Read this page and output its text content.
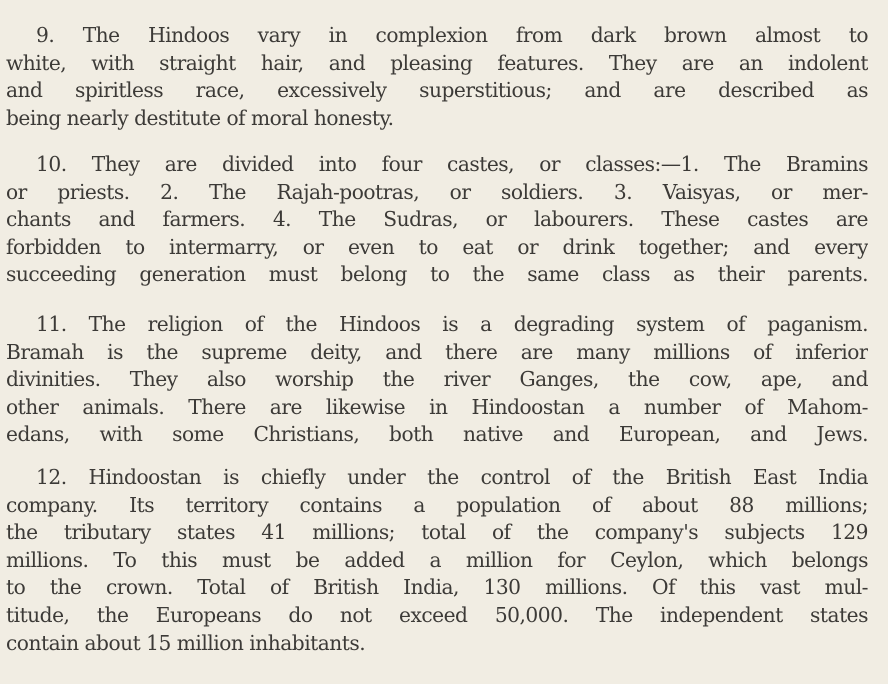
9. The Hindoos vary in complexion from dark brown almost to
white, with straight hair, and pleasing features. They are an indolent
and spiritless race, excessively superstitious; and are described as
being nearly destitute of moral honesty.
10. They are divided into four castes, or classes:—1. The Bramins
or priests. 2. The Rajah-pootras, or soldiers. 3. Vaisyas, or mer-
chants and farmers. 4. The Sudras, or labourers. These castes are
forbidden to intermarry, or even to eat or drink together; and every
succeeding generation must belong to the same class as their parents.
11. The religion of the Hindoos is a degrading system of paganism.
Bramah is the supreme deity, and there are many millions of inferior
divinities. They also worship the river Ganges, the cow, ape, and
other animals. There are likewise in Hindoostan a number of Mahom-
edans, with some Christians, both native and European, and Jews.
12. Hindoostan is chiefly under the control of the British East India
company. Its territory contains a population of about 88 millions;
the tributary states 41 millions; total of the company's subjects 129
millions. To this must be added a million for Ceylon, which belongs
to the crown. Total of British India, 130 millions. Of this vast mul-
titude, the Europeans do not exceed 50,000. The independent states
contain about 15 million inhabitants.
